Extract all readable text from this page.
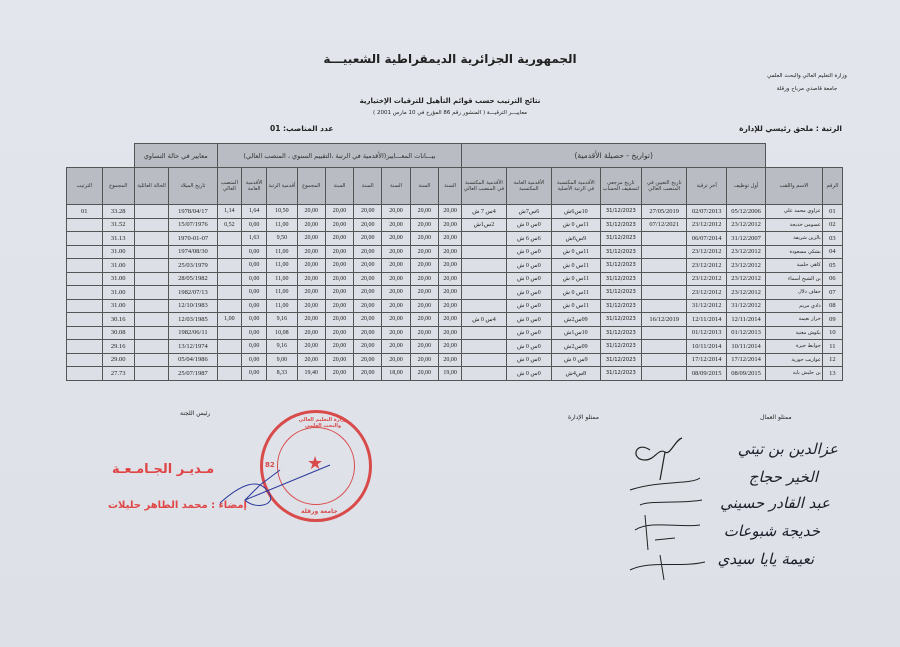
الجمهورية الجزائرية الديمقراطية الشعبيـــة
وزارة التعليم العالي والبحث العلمي
جامعة قاصدي مرباح ورقلة
نتائج الترتيب حسب قوائم التأهيل للترقيات الإختيارية
معاييـــر الترقيـــة ( المنشور رقم 86 المؤرخ في 10 مارس 2001 )
الرتبة : ملحق رئيسي للإدارة
عدد المناصب: 01
		(تواريخ - حصيلة الأقدمية)							بيـــانات المعـــايير(الأقدمية في الرتبة ،التقييم السنوي ، المنصب العالي)									معايير في حالة التساوي			
الرقم	الاسم واللقب	أول توظيف	آخر ترقية	تاريخ التعيين في المنصب العالي	تاريخ مرجعي لتسقيف الحساب	الأقدمية المكتسبة في الرتبة الأصلية	الأقدمية العامة المكتسبة	الأقدمية المكتسبة في المنصب العالي	السنة	السنة	السنة	السنة	السنة	المجموع	أقدمية الرتبة	الأقدمية العامة	المنصب العالي	تاريخ الميلاد	الحالة العائلية	المجموع	الترتيب
01	عزاوي محمد علي	05/12/2006	02/07/2013	27/05/2019	31/12/2023	10س6ش	6س7ش	4س 7 ش	20,00	20,00	20,00	20,00	20,00	20,00	10,50	1,64	1,14	1978/04/17		33.28	01
02	عسومن خديجة	23/12/2012	23/12/2012	07/12/2021	31/12/2023	11س 0 ش	0س 0 ش	2س1ش	20,00	20,00	20,00	20,00	20,00	20,00	11,00	0,00	0,52	15/07/1976		31.52	
03	بالزين شريفة	31/12/2007	06/07/2014		31/12/2023	9س6ش	6س 6 ش		20,00	20,00	20,00	20,00	20,00	20,00	9,50	1,63		1970-01-07		31.13	
04	بشكي مسعودة	23/12/2012	23/12/2012		31/12/2023	11س 0 ش	0س 0 ش		20,00	20,00	20,00	20,00	20,00	20,00	11,00	0,00		1974/08/30		31.00	
05	كاهي حلمية	23/12/2012	23/12/2012		31/12/2023	11س 0 ش	0س 0 ش		20,00	20,00	20,00	20,00	20,00	20,00	11,00	0,00		25/03/1979		31.00	
06	بن الشيخ أسماء	23/12/2012	23/12/2012		31/12/2023	11س 0 ش	0س 0 ش		20,00	20,00	20,00	20,00	20,00	20,00	11,00	0,00		28/05/1982		31.00	
07	حفاف دلال	23/12/2012	23/12/2012		31/12/2023	11س 0 ش	0س 0 ش		20,00	20,00	20,00	20,00	20,00	20,00	11,00	0,00		1982/07/13		31.00	
08	دادي مريم	31/12/2012	31/12/2012		31/12/2023	11س 0 ش	0س 0 ش		20,00	20,00	20,00	20,00	20,00	20,00	11,00	0,00		12/10/1983		31.00	
09	خراز نعيمة	12/11/2014	12/11/2014	16/12/2019	31/12/2023	09س2ش	0س 0 ش	4س 0 ش	20,00	20,00	20,00	20,00	20,00	20,00	9,16	0,00	1,00	12/03/1985		30.16	
10	بكوش مغنية	01/12/2013	01/12/2013		31/12/2023	10س1ش	0س 0 ش		20,00	20,00	20,00	20,00	20,00	20,00	10,08	0,00		1982/06/11		30.08	
11	جوابط خيرة	10/11/2014	10/11/2014		31/12/2023	09س2ش	0س 0 ش		20,00	20,00	20,00	20,00	20,00	20,00	9,16	0,00		13/12/1974		29.16	
12	عواريب حورية	17/12/2014	17/12/2014		31/12/2023	9س 0 ش	0س 0 ش		20,00	20,00	20,00	20,00	20,00	20,00	9,00	0,00		05/04/1986		29.00	
13	بن حليش باية	08/09/2015	08/09/2015		31/12/2023	8س4ش	0س 0 ش		19,00	20,00	18,00	20,00	20,00	19,40	8,33	0,00		25/07/1987		27.73	
رئيس اللجنة
ممثلو الإدارة	ممثلو العمال
وزارة التعليم العالي والبحث العلمي
جامعة ورقلة
82 ★
مـديـر الجـامـعـة
إمضاء : محمد الطاهر حليلات
عزالدين بن تيتي
الخير حجاج
عبد القادر حسيني
خديجة شبوعات
نعيمة يايا سيدي
